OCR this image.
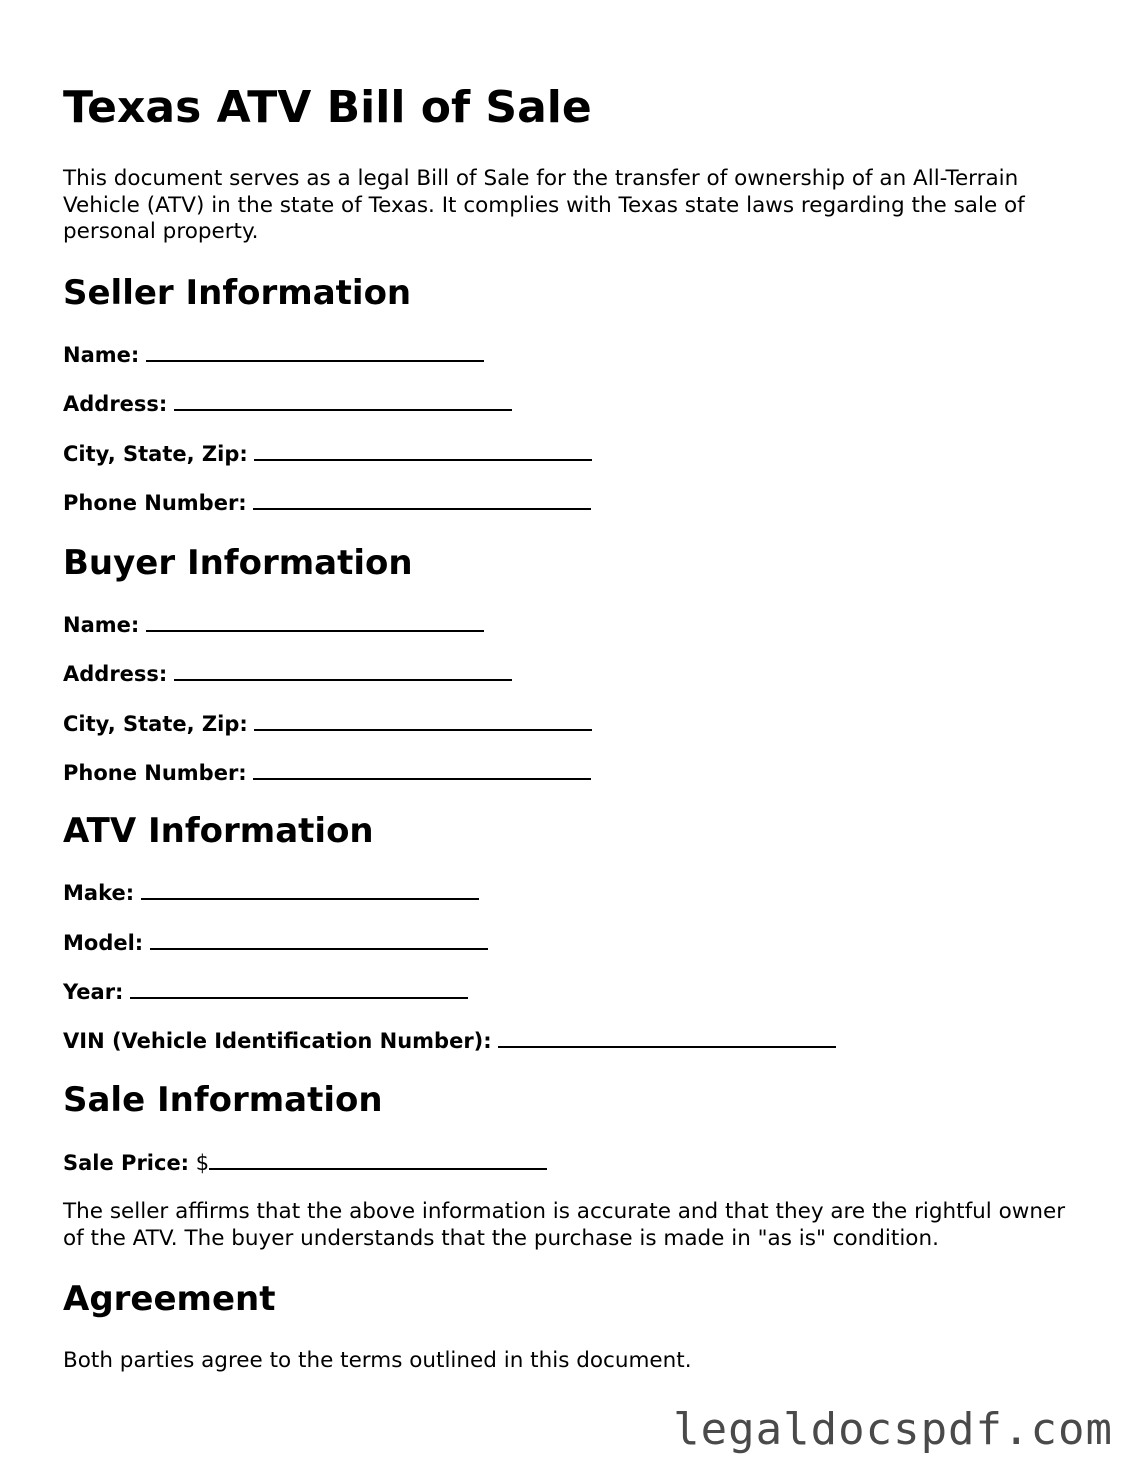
Texas ATV Bill of Sale

This document serves as a legal Bill of Sale for the transfer of ownership of an All-Terrain Vehicle (ATV) in the state of Texas. It complies with Texas state laws regarding the sale of personal property.

Seller Information

Name:

Address:

City, State, Zip:

Phone Number:

Buyer Information

Name:

Address:

City, State, Zip:

Phone Number:

ATV Information

Make:

Model:

Year:

VIN (Vehicle Identification Number):

Sale Information

Sale Price: $

The seller affirms that the above information is accurate and that they are the rightful owner of the ATV. The buyer understands that the purchase is made in "as is" condition.

Agreement

Both parties agree to the terms outlined in this document.

legaldocspdf.com
